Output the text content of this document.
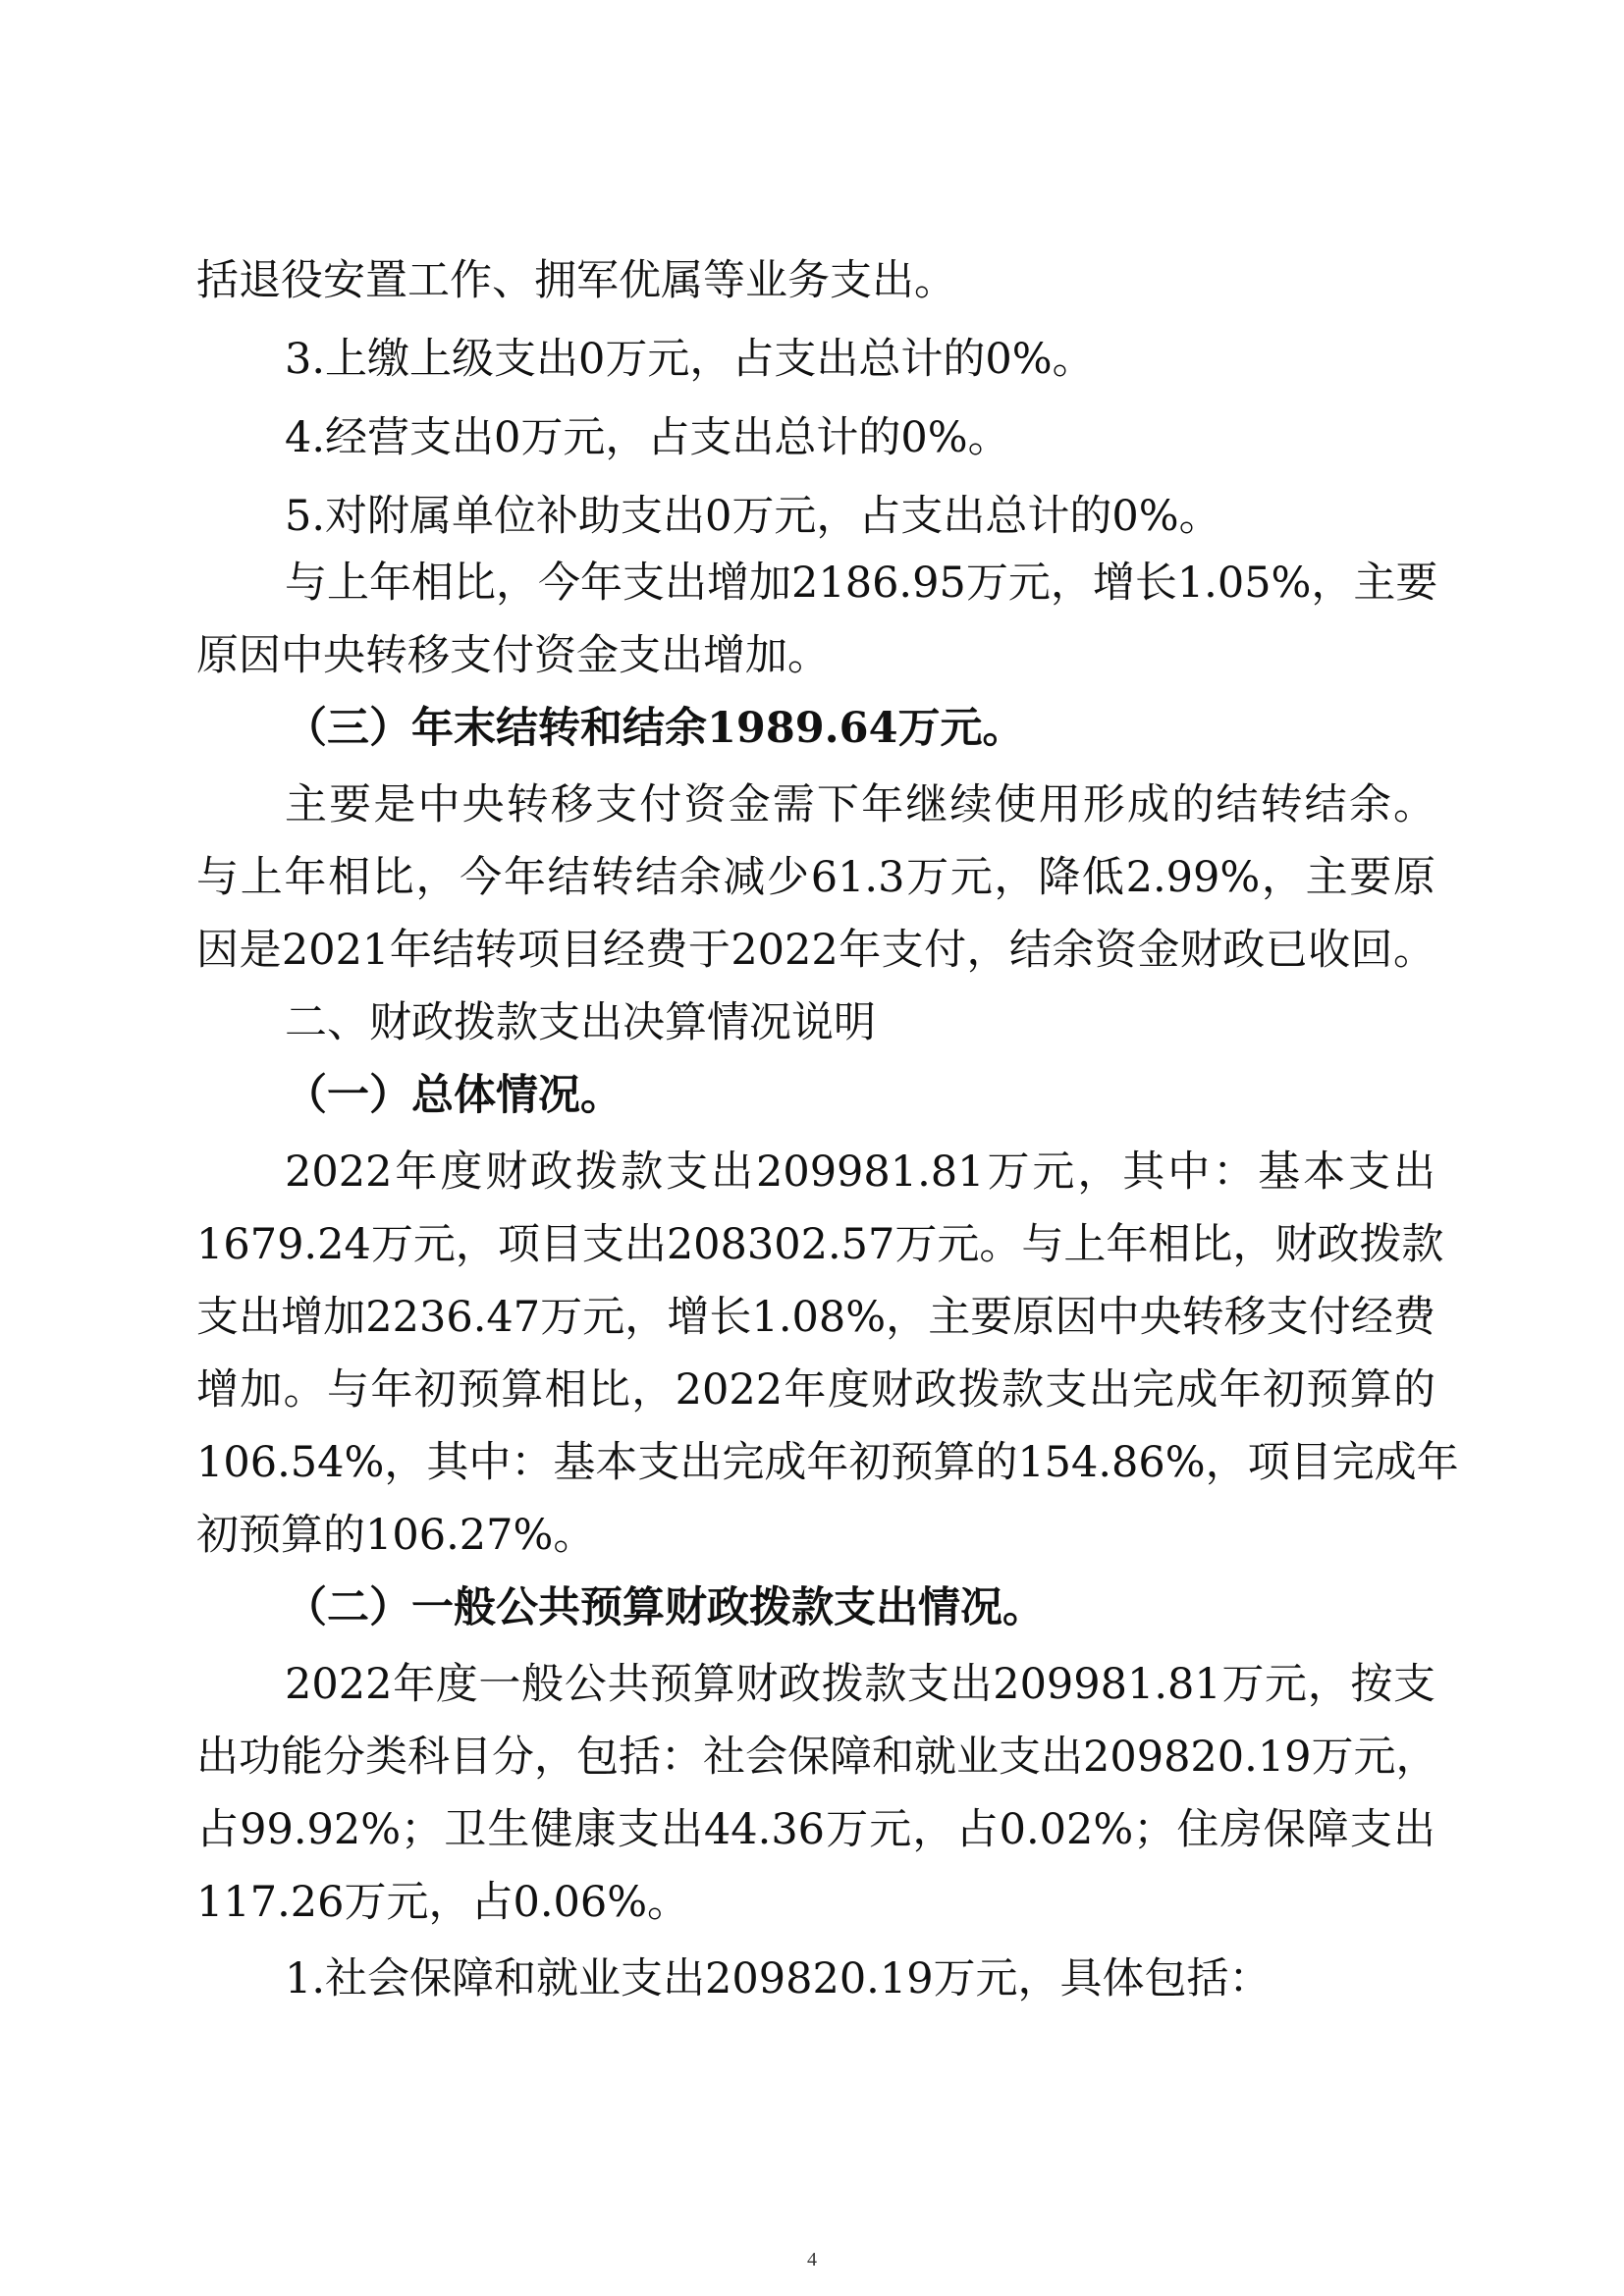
括退役安置工作、拥军优属等业务支出。
3.上缴上级支出0万元，占支出总计的0%。
4.经营支出0万元，占支出总计的0%。
5.对附属单位补助支出0万元，占支出总计的0%。
与上年相比，今年支出增加2186.95万元，增长1.05%，主要
原因中央转移支付资金支出增加。
（三）年末结转和结余1989.64万元。
主要是中央转移支付资金需下年继续使用形成的结转结余。
与上年相比，今年结转结余减少61.3万元，降低2.99%，主要原
因是2021年结转项目经费于2022年支付，结余资金财政已收回。
二、财政拨款支出决算情况说明
（一）总体情况。
2022年度财政拨款支出209981.81万元，其中：基本支出
1679.24万元，项目支出208302.57万元。与上年相比，财政拨款
支出增加2236.47万元，增长1.08%，主要原因中央转移支付经费
增加。与年初预算相比，2022年度财政拨款支出完成年初预算的
106.54%，其中：基本支出完成年初预算的154.86%，项目完成年
初预算的106.27%。
（二）一般公共预算财政拨款支出情况。
2022年度一般公共预算财政拨款支出209981.81万元，按支
出功能分类科目分，包括：社会保障和就业支出209820.19万元，
占99.92%；卫生健康支出44.36万元，占0.02%；住房保障支出
117.26万元，占0.06%。
1.社会保障和就业支出209820.19万元，具体包括：
4
